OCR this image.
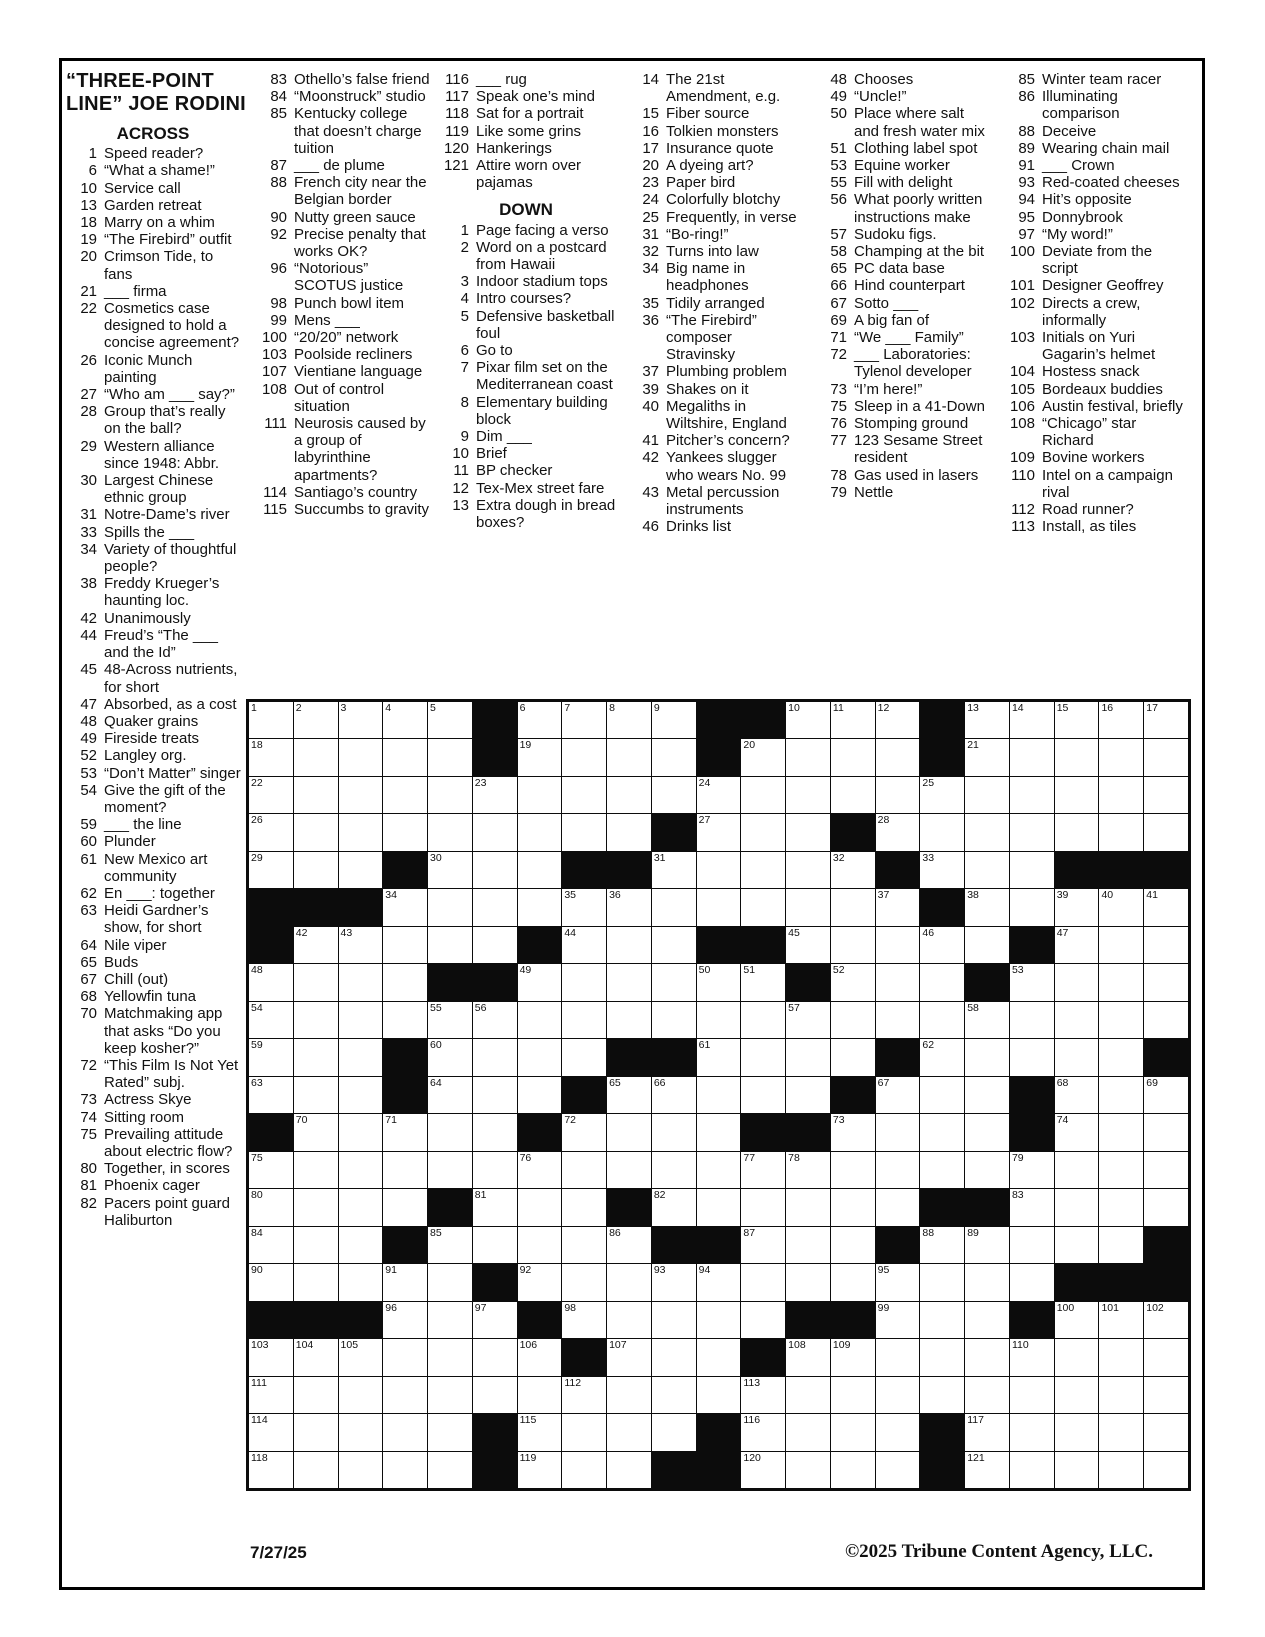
“THREE-POINT
LINE” JOE RODINI
ACROSS
1 Speed reader?
6 “What a shame!”
10 Service call
13 Garden retreat
18 Marry on a whim
19 “The Firebird” outfit
20 Crimson Tide, to fans
21 ___ firma
22 Cosmetics case designed to hold a concise agreement?
26 Iconic Munch painting
27 “Who am ___ say?”
28 Group that’s really on the ball?
29 Western alliance since 1948: Abbr.
30 Largest Chinese ethnic group
31 Notre-Dame’s river
33 Spills the ___
34 Variety of thoughtful people?
38 Freddy Krueger’s haunting loc.
42 Unanimously
44 Freud’s “The ___ and the Id”
45 48-Across nutrients, for short
47 Absorbed, as a cost
48 Quaker grains
49 Fireside treats
52 Langley org.
53 “Don’t Matter” singer
54 Give the gift of the moment?
59 ___ the line
60 Plunder
61 New Mexico art community
62 En ___: together
63 Heidi Gardner’s show, for short
64 Nile viper
65 Buds
67 Chill (out)
68 Yellowfin tuna
70 Matchmaking app that asks “Do you keep kosher?”
72 “This Film Is Not Yet Rated” subj.
73 Actress Skye
74 Sitting room
75 Prevailing attitude about electric flow?
80 Together, in scores
81 Phoenix cager
82 Pacers point guard Haliburton
83 Othello’s false friend
84 “Moonstruck” studio
85 Kentucky college that doesn’t charge tuition
87 ___ de plume
88 French city near the Belgian border
90 Nutty green sauce
92 Precise penalty that works OK?
96 “Notorious” SCOTUS justice
98 Punch bowl item
99 Mens ___
100 “20/20” network
103 Poolside recliners
107 Vientiane language
108 Out of control situation
111 Neurosis caused by a group of labyrinthine apartments?
114 Santiago’s country
115 Succumbs to gravity
116 ___ rug
117 Speak one’s mind
118 Sat for a portrait
119 Like some grins
120 Hankerings
121 Attire worn over pajamas
DOWN
1 Page facing a verso
2 Word on a postcard from Hawaii
3 Indoor stadium tops
4 Intro courses?
5 Defensive basketball foul
6 Go to
7 Pixar film set on the Mediterranean coast
8 Elementary building block
9 Dim ___
10 Brief
11 BP checker
12 Tex-Mex street fare
13 Extra dough in bread boxes?
14 The 21st Amendment, e.g.
15 Fiber source
16 Tolkien monsters
17 Insurance quote
20 A dyeing art?
23 Paper bird
24 Colorfully blotchy
25 Frequently, in verse
31 “Bo-ring!”
32 Turns into law
34 Big name in headphones
35 Tidily arranged
36 “The Firebird” composer Stravinsky
37 Plumbing problem
39 Shakes on it
40 Megaliths in Wiltshire, England
41 Pitcher’s concern?
42 Yankees slugger who wears No. 99
43 Metal percussion instruments
46 Drinks list
48 Chooses
49 “Uncle!”
50 Place where salt and fresh water mix
51 Clothing label spot
53 Equine worker
55 Fill with delight
56 What poorly written instructions make
57 Sudoku figs.
58 Champing at the bit
65 PC data base
66 Hind counterpart
67 Sotto ___
69 A big fan of
71 “We ___ Family”
72 ___ Laboratories: Tylenol developer
73 “I’m here!”
75 Sleep in a 41-Down
76 Stomping ground
77 123 Sesame Street resident
78 Gas used in lasers
79 Nettle
85 Winter team racer
86 Illuminating comparison
88 Deceive
89 Wearing chain mail
91 ___ Crown
93 Red-coated cheeses
94 Hit’s opposite
95 Donnybrook
97 “My word!”
100 Deviate from the script
101 Designer Geoffrey
102 Directs a crew, informally
103 Initials on Yuri Gagarin’s helmet
104 Hostess snack
105 Bordeaux buddies
106 Austin festival, briefly
108 “Chicago” star Richard
109 Bovine workers
110 Intel on a campaign rival
112 Road runner?
113 Install, as tiles
1	2	3	4	5	6	7	8	9	10	11	12	13	14	15	16	17
18	19	20	21
22	23	24	25
26	27	28
29	30	31	32	33
34	35	36	37	38	39	40	41
42	43	44	45	46	47
48	49	50	51	52	53
54	55	56	57	58
59	60	61	62
63	64	65	66	67	68	69
70	71	72	73	74
75	76	77	78	79
80	81	82	83
84	85	86	87	88	89
90	91	92	93	94	95
96	97	98	99	100	101	102
103	104	105	106	107	108	109	110
111	112	113
114	115	116	117
118	119	120	121
7/27/25	©2025 Tribune Content Agency, LLC.
